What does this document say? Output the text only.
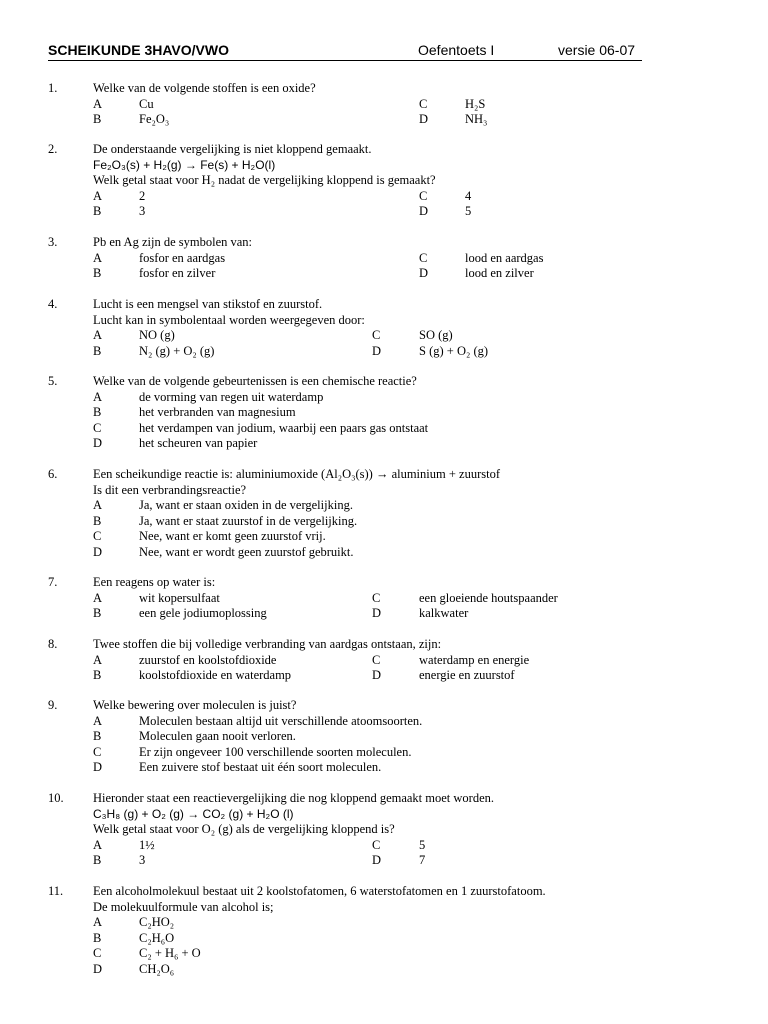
SCHEIKUNDE 3HAVO/VWO	Oefentoets I	versie 06-07
1.	Welke van de volgende stoffen is een oxide?
A	Cu	C	H₂S
B	Fe₂O₃	D	NH₃
2.	De onderstaande vergelijking is niet kloppend gemaakt.
Fe₂O₃(s) + H₂(g) → Fe(s) + H₂O(l)
Welk getal staat voor H₂ nadat de vergelijking kloppend is gemaakt?
A	2	C	4
B	3	D	5
3.	Pb en Ag zijn de symbolen van:
A	fosfor en aardgas	C	lood en aardgas
B	fosfor en zilver	D	lood en zilver
4.	Lucht is een mengsel van stikstof en zuurstof.
Lucht kan in symbolentaal worden weergegeven door:
A	NO (g)	C	SO (g)
B	N₂ (g) + O₂ (g)	D	S (g) + O₂ (g)
5.	Welke van de volgende gebeurtenissen is een chemische reactie?
A	de vorming van regen uit waterdamp
B	het verbranden van magnesium
C	het verdampen van jodium, waarbij een paars gas ontstaat
D	het scheuren van papier
6.	Een scheikundige reactie is: aluminiumoxide (Al₂O₃(s)) → aluminium + zuurstof
Is dit een verbrandingsreactie?
A	Ja, want er staan oxiden in de vergelijking.
B	Ja, want er staat zuurstof in de vergelijking.
C	Nee, want er komt geen zuurstof vrij.
D	Nee, want er wordt geen zuurstof gebruikt.
7.	Een reagens op water is:
A	wit kopersulfaat	C	een gloeiende houtspaander
B	een gele jodiumoplossing	D	kalkwater
8.	Twee stoffen die bij volledige verbranding van aardgas ontstaan, zijn:
A	zuurstof en koolstofdioxide	C	waterdamp en energie
B	koolstofdioxide en waterdamp	D	energie en zuurstof
9.	Welke bewering over moleculen is juist?
A	Moleculen bestaan altijd uit verschillende atoomsoorten.
B	Moleculen gaan nooit verloren.
C	Er zijn ongeveer 100 verschillende soorten moleculen.
D	Een zuivere stof bestaat uit één soort moleculen.
10. Hieronder staat een reactievergelijking die nog kloppend gemaakt moet worden.
C₃H₈ (g) + O₂ (g) → CO₂ (g) + H₂O (l)
Welk getal staat voor O₂ (g) als de vergelijking kloppend is?
A	1½	C	5
B	3	D	7
11. Een alcoholmolekuul bestaat uit 2 koolstofatomen, 6 waterstofatomen en 1 zuurstofatoom.
De molekuulformule van alcohol is;
A	C₂HO₂
B	C₂H₆O
C	C₂ + H₆ + O
D	CH₂O₆
